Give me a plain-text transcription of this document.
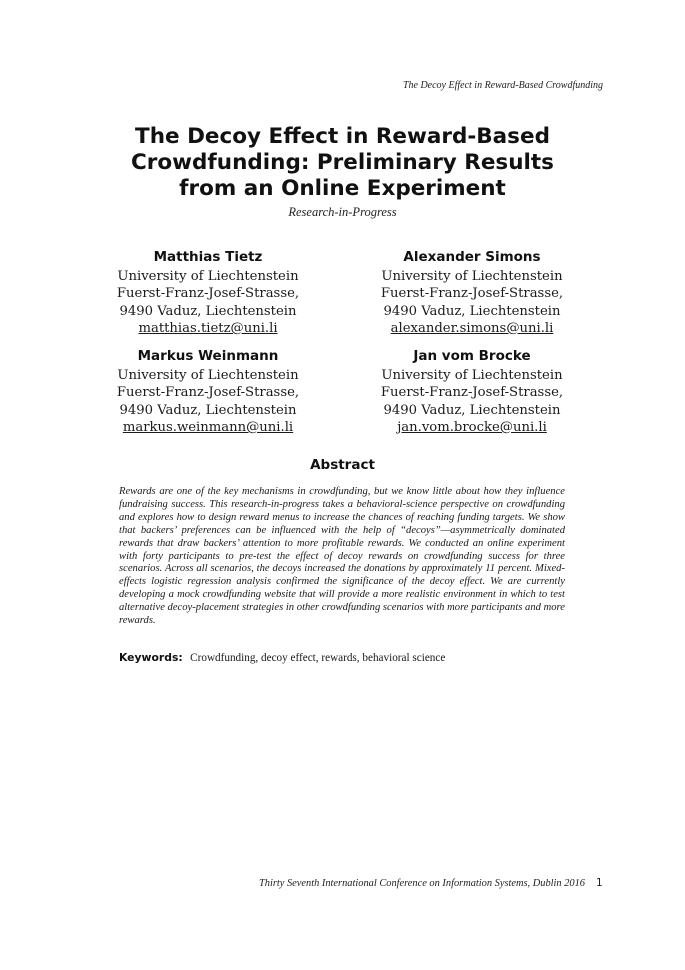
The Decoy Effect in Reward-Based Crowdfunding
The Decoy Effect in Reward-Based
Crowdfunding: Preliminary Results
from an Online Experiment
Research-in-Progress
Matthias Tietz
University of Liechtenstein
Fuerst-Franz-Josef-Strasse,
9490 Vaduz, Liechtenstein
matthias.tietz@uni.li
Alexander Simons
University of Liechtenstein
Fuerst-Franz-Josef-Strasse,
9490 Vaduz, Liechtenstein
alexander.simons@uni.li
Markus Weinmann
University of Liechtenstein
Fuerst-Franz-Josef-Strasse,
9490 Vaduz, Liechtenstein
markus.weinmann@uni.li
Jan vom Brocke
University of Liechtenstein
Fuerst-Franz-Josef-Strasse,
9490 Vaduz, Liechtenstein
jan.vom.brocke@uni.li
Abstract

Rewards are one of the key mechanisms in crowdfunding, but we know little about how they influence fundraising success. This research-in-progress takes a behavioral-science perspective on crowdfunding and explores how to design reward menus to increase the chances of reaching funding targets. We show that backers’ preferences can be influenced with the help of “decoys”—asymmetrically dominated rewards that draw backers’ attention to more profitable rewards. We conducted an online experiment with forty participants to pre-test the effect of decoy rewards on crowdfunding success for three scenarios. Across all scenarios, the decoys increased the donations by approximately 11 percent. Mixed-effects logistic regression analysis confirmed the significance of the decoy effect. We are currently developing a mock crowdfunding website that will provide a more realistic environment in which to test alternative decoy-placement strategies in other crowdfunding scenarios with more participants and more rewards.

Keywords: Crowdfunding, decoy effect, rewards, behavioral science
Thirty Seventh International Conference on Information Systems, Dublin 2016 1
